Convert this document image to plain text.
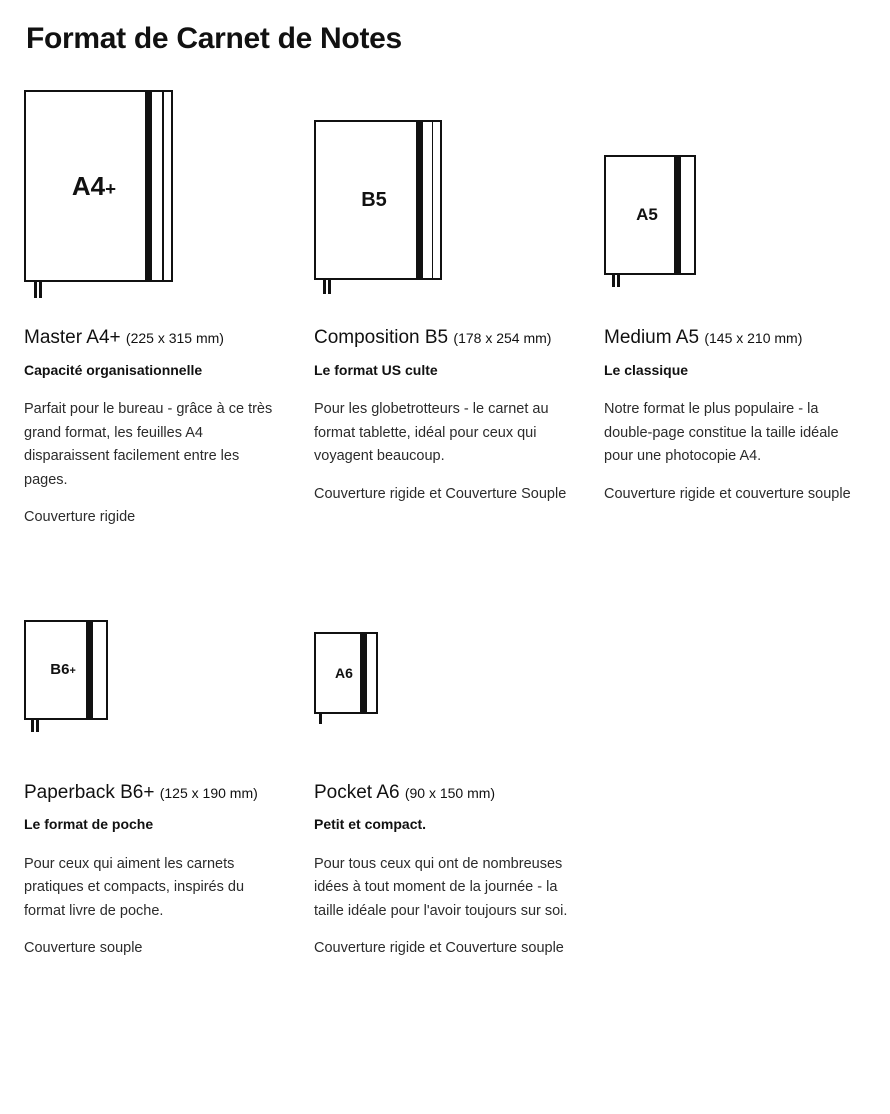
Format de Carnet de Notes
A4+

Master A4+ (225 x 315 mm)

Capacité organisationnelle

Parfait pour le bureau - grâce à ce très grand format, les feuilles A4 disparaissent facilement entre les pages.

Couverture rigide

B5

Composition B5 (178 x 254 mm)

Le format US culte

Pour les globetrotteurs - le carnet au format tablette, idéal pour ceux qui voyagent beaucoup.

Couverture rigide et Couverture Souple

A5

Medium A5 (145 x 210 mm)

Le classique

Notre format le plus populaire - la double-page constitue la taille idéale pour une photocopie A4.

Couverture rigide et couverture souple

B6+

Paperback B6+ (125 x 190 mm)

Le format de poche

Pour ceux qui aiment les carnets pratiques et compacts, inspirés du format livre de poche.

Couverture souple

A6

Pocket A6 (90 x 150 mm)

Petit et compact.

Pour tous ceux qui ont de nombreuses idées à tout moment de la journée - la taille idéale pour l'avoir toujours sur soi.

Couverture rigide et Couverture souple
